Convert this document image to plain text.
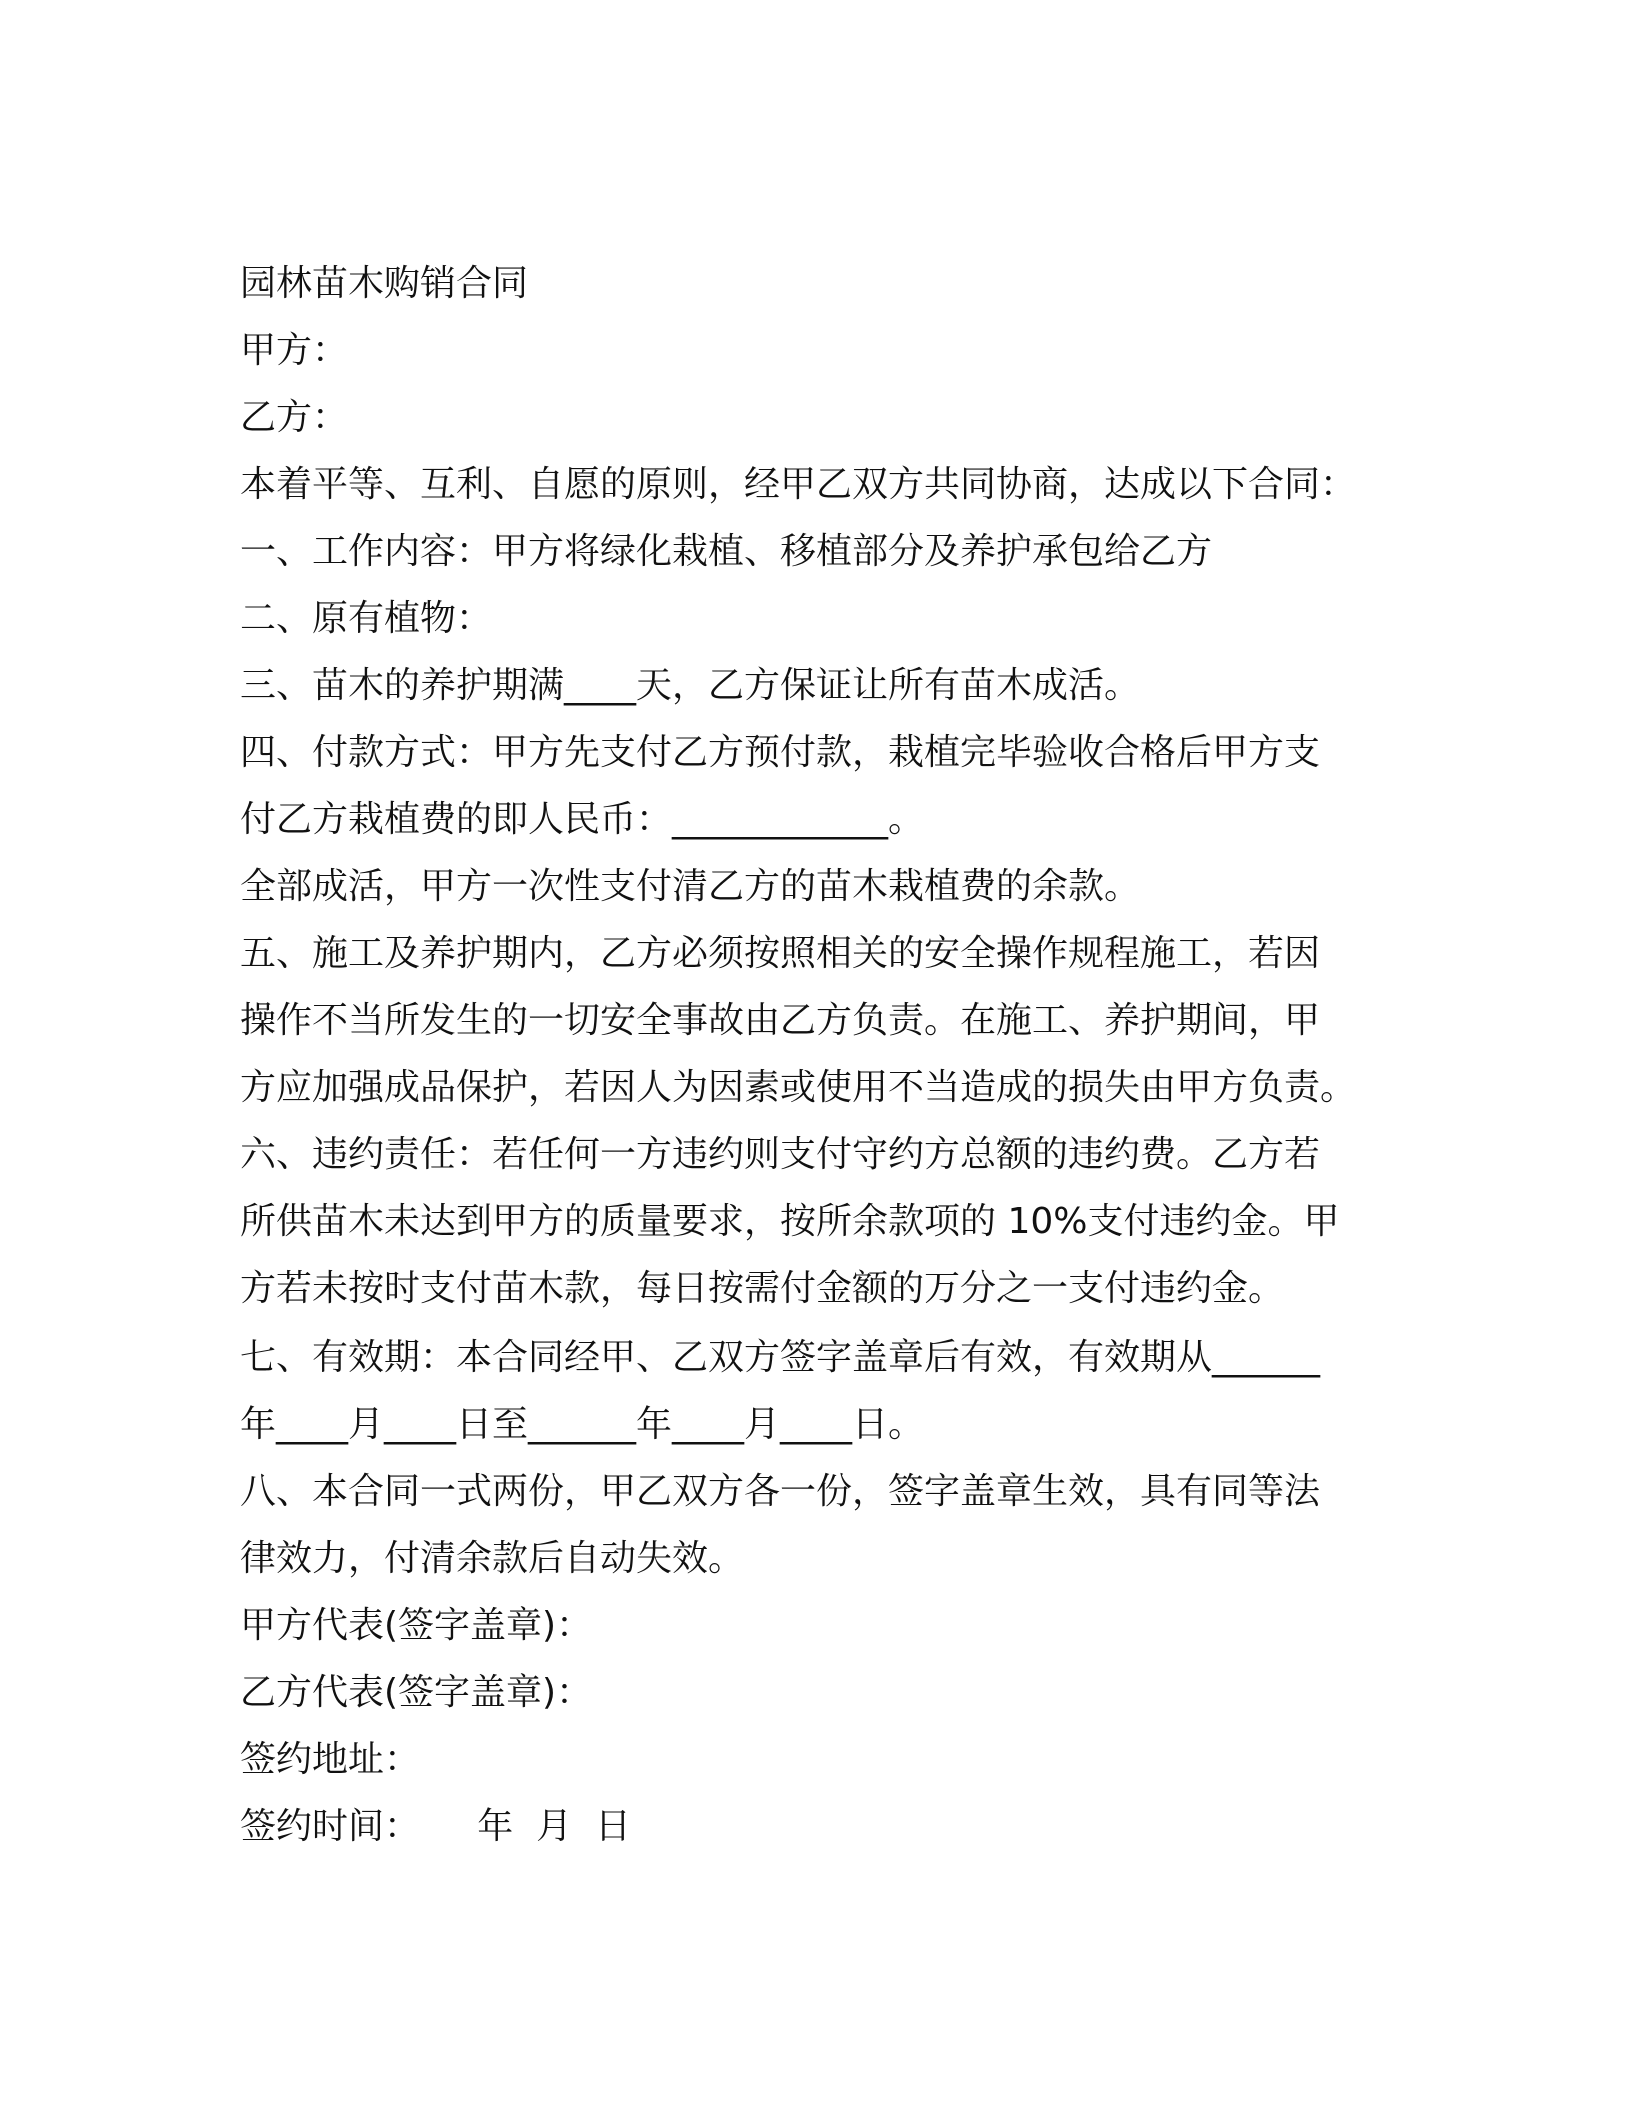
园林苗木购销合同

甲方：

乙方：

本着平等、互利、自愿的原则，经甲乙双方共同协商，达成以下合同：

一、工作内容：甲方将绿化栽植、移植部分及养护承包给乙方

二、原有植物：

三、苗木的养护期满____天，乙方保证让所有苗木成活。

四、付款方式：甲方先支付乙方预付款，栽植完毕验收合格后甲方支

付乙方栽植费的即人民币：____________。

全部成活，甲方一次性支付清乙方的苗木栽植费的余款。

五、施工及养护期内，乙方必须按照相关的安全操作规程施工，若因

操作不当所发生的一切安全事故由乙方负责。在施工、养护期间，甲

方应加强成品保护，若因人为因素或使用不当造成的损失由甲方负责。

六、违约责任：若任何一方违约则支付守约方总额的违约费。乙方若

所供苗木未达到甲方的质量要求，按所余款项的 10%支付违约金。甲

方若未按时支付苗木款，每日按需付金额的万分之一支付违约金。

七、有效期：本合同经甲、乙双方签字盖章后有效，有效期从______

年____月____日至______年____月____日。

八、本合同一式两份，甲乙双方各一份，签字盖章生效，具有同等法

律效力，付清余款后自动失效。

甲方代表(签字盖章)：

乙方代表(签字盖章)：

签约地址：

签约时间：     年  月  日
